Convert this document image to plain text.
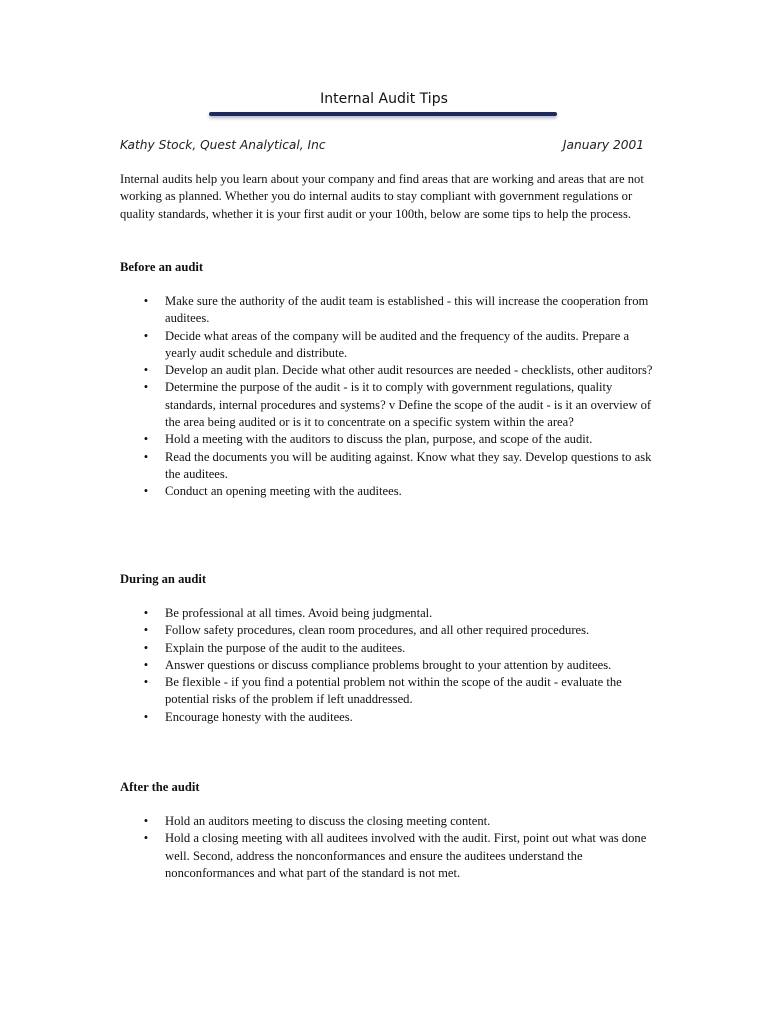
Internal Audit Tips
Kathy Stock, Quest Analytical, Inc	January 2001

Internal audits help you learn about your company and find areas that are working and areas that are not working as planned. Whether you do internal audits to stay compliant with government regulations or quality standards, whether it is your first audit or your 100th, below are some tips to help the process.

Before an audit
• Make sure the authority of the audit team is established - this will increase the cooperation from auditees.
• Decide what areas of the company will be audited and the frequency of the audits. Prepare a yearly audit schedule and distribute.
• Develop an audit plan. Decide what other audit resources are needed - checklists, other auditors?
• Determine the purpose of the audit - is it to comply with government regulations, quality standards, internal procedures and systems? v Define the scope of the audit - is it an overview of the area being audited or is it to concentrate on a specific system within the area?
• Hold a meeting with the auditors to discuss the plan, purpose, and scope of the audit.
• Read the documents you will be auditing against. Know what they say. Develop questions to ask the auditees.
• Conduct an opening meeting with the auditees.
During an audit
• Be professional at all times. Avoid being judgmental.
• Follow safety procedures, clean room procedures, and all other required procedures.
• Explain the purpose of the audit to the auditees.
• Answer questions or discuss compliance problems brought to your attention by auditees.
• Be flexible - if you find a potential problem not within the scope of the audit - evaluate the potential risks of the problem if left unaddressed.
• Encourage honesty with the auditees.
After the audit
• Hold an auditors meeting to discuss the closing meeting content.
• Hold a closing meeting with all auditees involved with the audit. First, point out what was done well. Second, address the nonconformances and ensure the auditees understand the nonconformances and what part of the standard is not met.
